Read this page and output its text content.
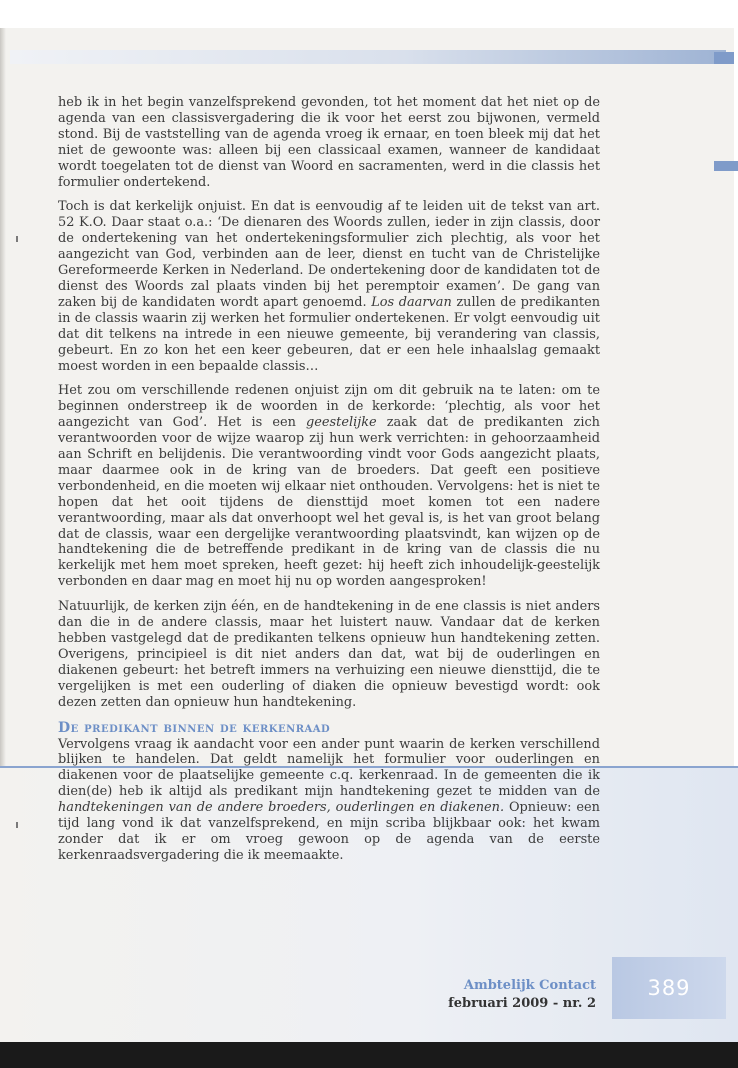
389

heb ik in het begin vanzelfsprekend gevonden, tot het moment dat het niet op de agenda van een classisvergadering die ik voor het eerst zou bijwonen, vermeld stond. Bij de vaststelling van de agenda vroeg ik ernaar, en toen bleek mij dat het niet de gewoonte was: alleen bij een classicaal examen, wanneer de kandidaat wordt toegelaten tot de dienst van Woord en sacramenten, werd in die classis het formulier ondertekend.

Toch is dat kerkelijk onjuist. En dat is eenvoudig af te leiden uit de tekst van art. 52 K.O. Daar staat o.a.: ‘De dienaren des Woords zullen, ieder in zijn classis, door de ondertekening van het ondertekeningsformulier zich plechtig, als voor het aangezicht van God, verbinden aan de leer, dienst en tucht van de Christelijke Gereformeerde Kerken in Nederland. De ondertekening door de kandidaten tot de dienst des Woords zal plaats vinden bij het peremptoir examen’. De gang van zaken bij de kandidaten wordt apart genoemd. Los daarvan zullen de predikanten in de classis waarin zij werken het formulier ondertekenen. Er volgt eenvoudig uit dat dit telkens na intrede in een nieuwe gemeente, bij verandering van classis, gebeurt. En zo kon het een keer gebeuren, dat er een hele inhaalslag gemaakt moest worden in een bepaalde classis…

Het zou om verschillende redenen onjuist zijn om dit gebruik na te laten: om te beginnen onderstreep ik de woorden in de kerkorde: ‘plechtig, als voor het aangezicht van God’. Het is een geestelijke zaak dat de predikanten zich verantwoorden voor de wijze waarop zij hun werk verrichten: in gehoorzaamheid aan Schrift en belijdenis. Die verantwoording vindt voor Gods aangezicht plaats, maar daarmee ook in de kring van de broeders. Dat geeft een positieve verbondenheid, en die moeten wij elkaar niet onthouden. Vervolgens: het is niet te hopen dat het ooit tijdens de diensttijd moet komen tot een nadere verantwoording, maar als dat onverhoopt wel het geval is, is het van groot belang dat de classis, waar een dergelijke verantwoording plaatsvindt, kan wijzen op de handtekening die de betreffende predikant in de kring van de classis die nu kerkelijk met hem moet spreken, heeft gezet: hij heeft zich inhoudelijk-geestelijk verbonden en daar mag en moet hij nu op worden aangesproken!

Natuurlijk, de kerken zijn één, en de handtekening in de ene classis is niet anders dan die in de andere classis, maar het luistert nauw. Vandaar dat de kerken hebben vastgelegd dat de predikanten telkens opnieuw hun handtekening zetten. Overigens, principieel is dit niet anders dan dat, wat bij de ouderlingen en diakenen gebeurt: het betreft immers na verhuizing een nieuwe diensttijd, die te vergelijken is met een ouderling of diaken die opnieuw bevestigd wordt: ook dezen zetten dan opnieuw hun handtekening.

De predikant binnen de kerkenraad

Vervolgens vraag ik aandacht voor een ander punt waarin de kerken verschillend blijken te handelen. Dat geldt namelijk het formulier voor ouderlingen en diakenen voor de plaatselijke gemeente c.q. kerkenraad. In de gemeenten die ik dien(de) heb ik altijd als predikant mijn handtekening gezet te midden van de handtekeningen van de andere broeders, ouderlingen en diakenen. Opnieuw: een tijd lang vond ik dat vanzelfsprekend, en mijn scriba blijkbaar ook: het kwam zonder dat ik er om vroeg gewoon op de agenda van de eerste kerkenraadsvergadering die ik meemaakte.

Ambtelijk Contact
februari 2009 - nr. 2
